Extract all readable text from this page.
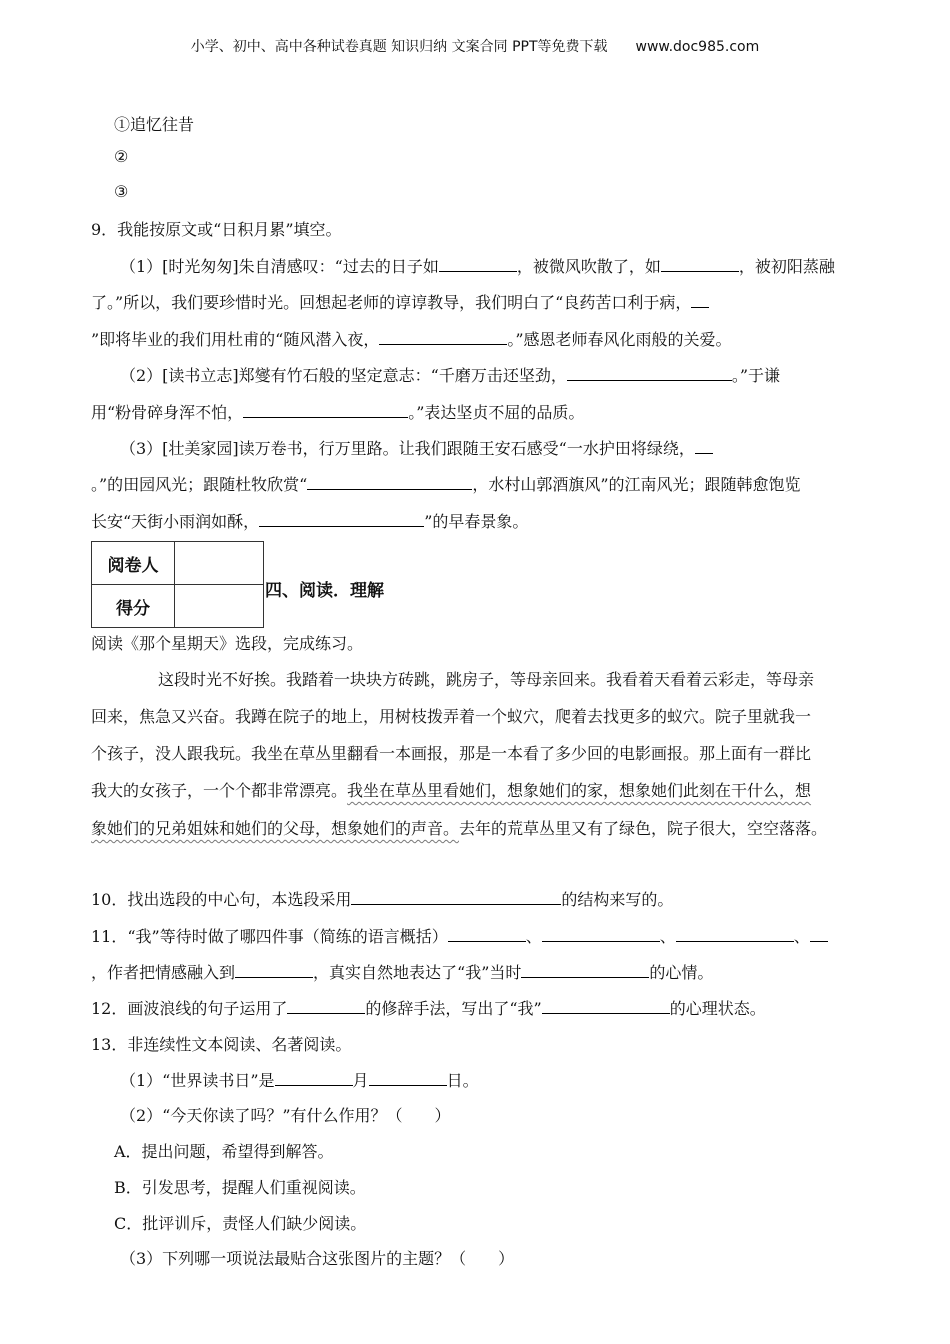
小学、初中、高中各种试卷真题 知识归纳 文案合同 PPT等免费下载 www.doc985.com
①追忆往昔
②
③
9．我能按原文或“日积月累”填空。
（1）[时光匆匆]朱自清感叹：“过去的日子如	，被微风吹散了，如	，被初阳蒸融
了。”所以，我们要珍惜时光。回想起老师的谆谆教导，我们明白了“良药苦口利于病，
”即将毕业的我们用杜甫的“随风潜入夜，	。”感恩老师春风化雨般的关爱。
（2）[读书立志]郑燮有竹石般的坚定意志：“千磨万击还坚劲，	。”于谦
用“粉骨碎身浑不怕，	。”表达坚贞不屈的品质。
（3）[壮美家园]读万卷书，行万里路。让我们跟随王安石感受“一水护田将绿绕，
。”的田园风光；跟随杜牧欣赏“	，水村山郭酒旗风”的江南风光；跟随韩愈饱览
长安“天街小雨润如酥，	”的早春景象。
阅卷人	
得分	
四、阅读．理解
阅读《那个星期天》选段，完成练习。
这段时光不好挨。我踏着一块块方砖跳，跳房子，等母亲回来。我看着天看着云彩走，等母亲
回来，焦急又兴奋。我蹲在院子的地上，用树枝拨弄着一个蚁穴，爬着去找更多的蚁穴。院子里就我一
个孩子，没人跟我玩。我坐在草丛里翻看一本画报，那是一本看了多少回的电影画报。那上面有一群比
我大的女孩子，一个个都非常漂亮。我坐在草丛里看她们，想象她们的家，想象她们此刻在干什么，想
象她们的兄弟姐妹和她们的父母，想象她们的声音。去年的荒草丛里又有了绿色，院子很大，空空落落。
10．找出选段的中心句，本选段采用	的结构来写的。
11．“我”等待时做了哪四件事（简练的语言概括）	、	、	、
，作者把情感融入到	，真实自然地表达了“我”当时	的心情。
12．画波浪线的句子运用了	的修辞手法，写出了“我”	的心理状态。
13．非连续性文本阅读、名著阅读。
（1）“世界读书日”是	月	日。
（2）“今天你读了吗？”有什么作用？（　　）
A．提出问题，希望得到解答。
B．引发思考，提醒人们重视阅读。
C．批评训斥，责怪人们缺少阅读。
（3）下列哪一项说法最贴合这张图片的主题？（　　）
